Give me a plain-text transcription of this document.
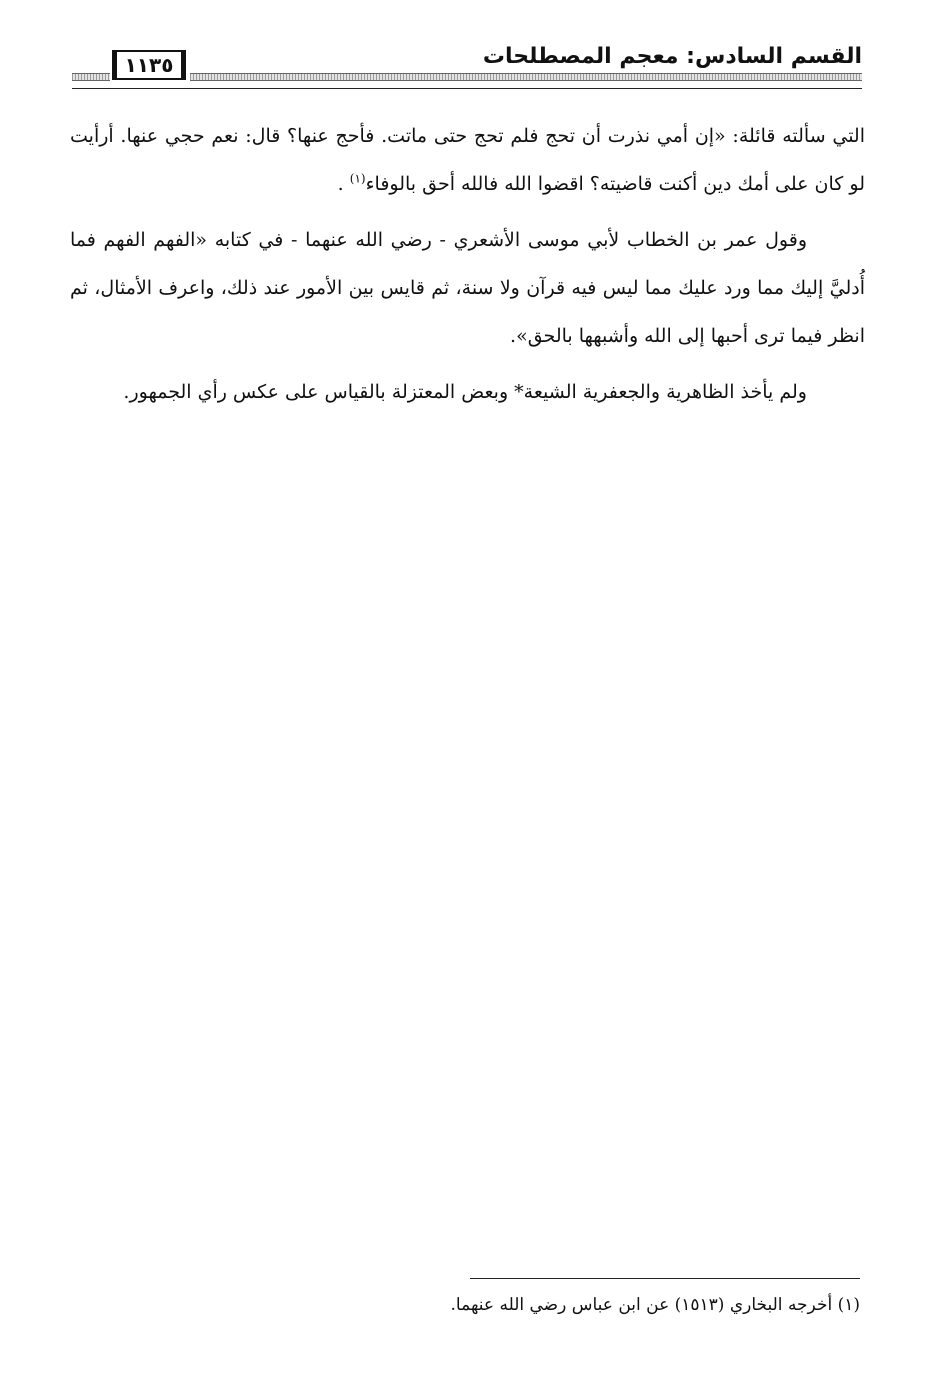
القسم السادس: معجم المصطلحات
١١٣٥

التي سألته قائلة: «إن أمي نذرت أن تحج فلم تحج حتى ماتت. فأحج عنها؟ قال: نعم حجي عنها. أرأيت لو كان على أمك دين أكنت قاضيته؟ اقضوا الله فالله أحق بالوفاء$^{(١)}$ .

وقول عمر بن الخطاب لأبي موسى الأشعري - رضي الله عنهما - في كتابه «الفهم الفهم فما أُدليَّ إليك مما ورد عليك مما ليس فيه قرآن ولا سنة، ثم قايس بين الأمور عند ذلك، واعرف الأمثال، ثم انظر فيما ترى أحبها إلى الله وأشبهها بالحق».

ولم يأخذ الظاهرية والجعفرية الشيعة* وبعض المعتزلة بالقياس على عكس رأي الجمهور.

(١) أخرجه البخاري (١٥١٣) عن ابن عباس رضي الله عنهما.
